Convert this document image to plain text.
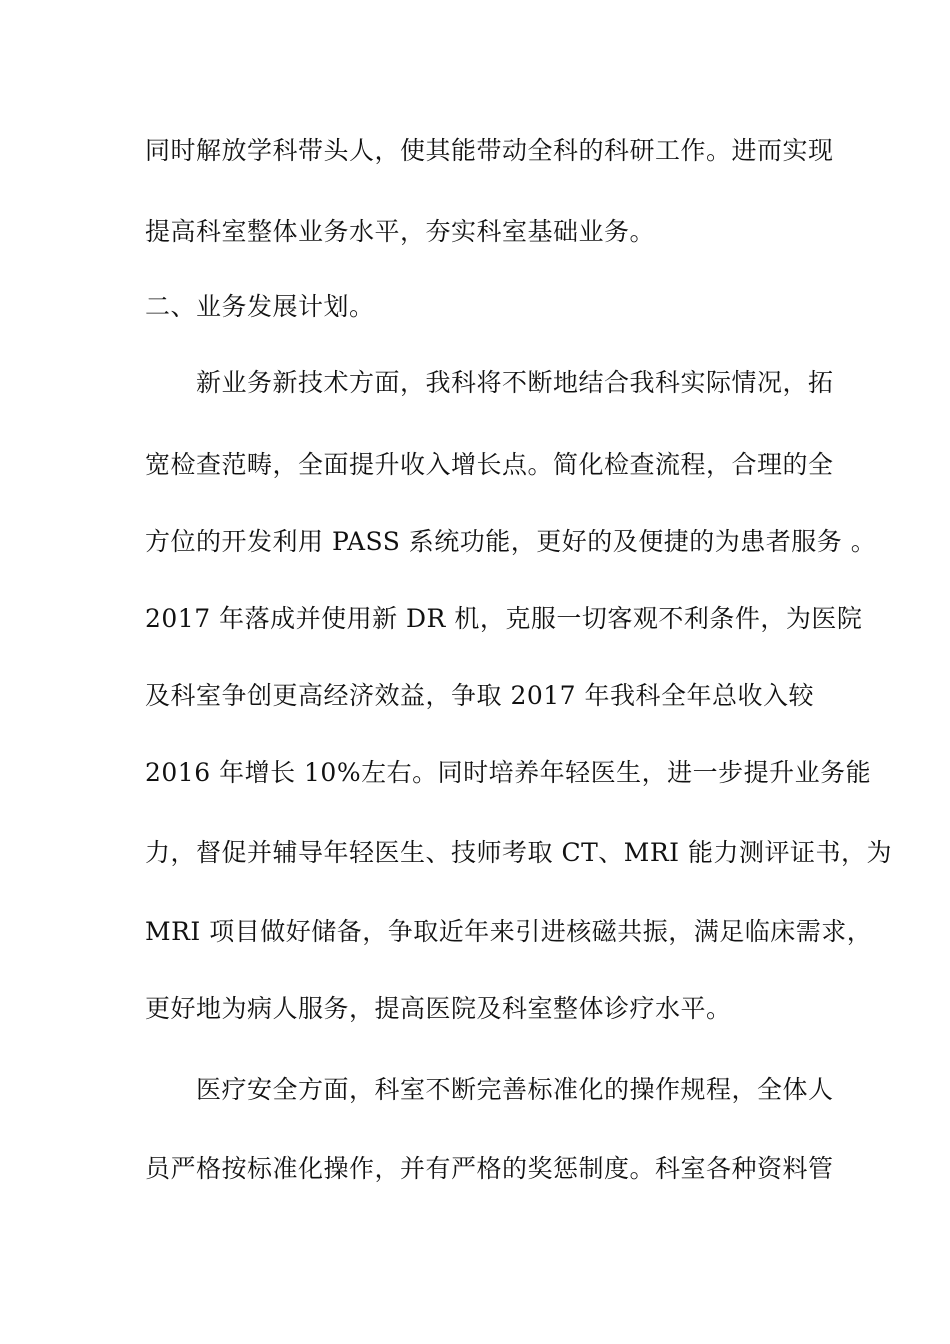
同时解放学科带头人，使其能带动全科的科研工作。进而实现
提高科室整体业务水平，夯实科室基础业务。
二、业务发展计划。
新业务新技术方面，我科将不断地结合我科实际情况，拓
宽检查范畴，全面提升收入增长点。简化检查流程，合理的全
方位的开发利用 PASS 系统功能，更好的及便捷的为患者服务 。
2017 年落成并使用新 DR 机，克服一切客观不利条件，为医院
及科室争创更高经济效益，争取 2017 年我科全年总收入较
2016 年增长 10%左右。同时培养年轻医生，进一步提升业务能
力，督促并辅导年轻医生、技师考取 CT、MRI 能力测评证书，为
MRI 项目做好储备，争取近年来引进核磁共振，满足临床需求，
更好地为病人服务，提高医院及科室整体诊疗水平。
医疗安全方面，科室不断完善标准化的操作规程，全体人
员严格按标准化操作，并有严格的奖惩制度。科室各种资料管
